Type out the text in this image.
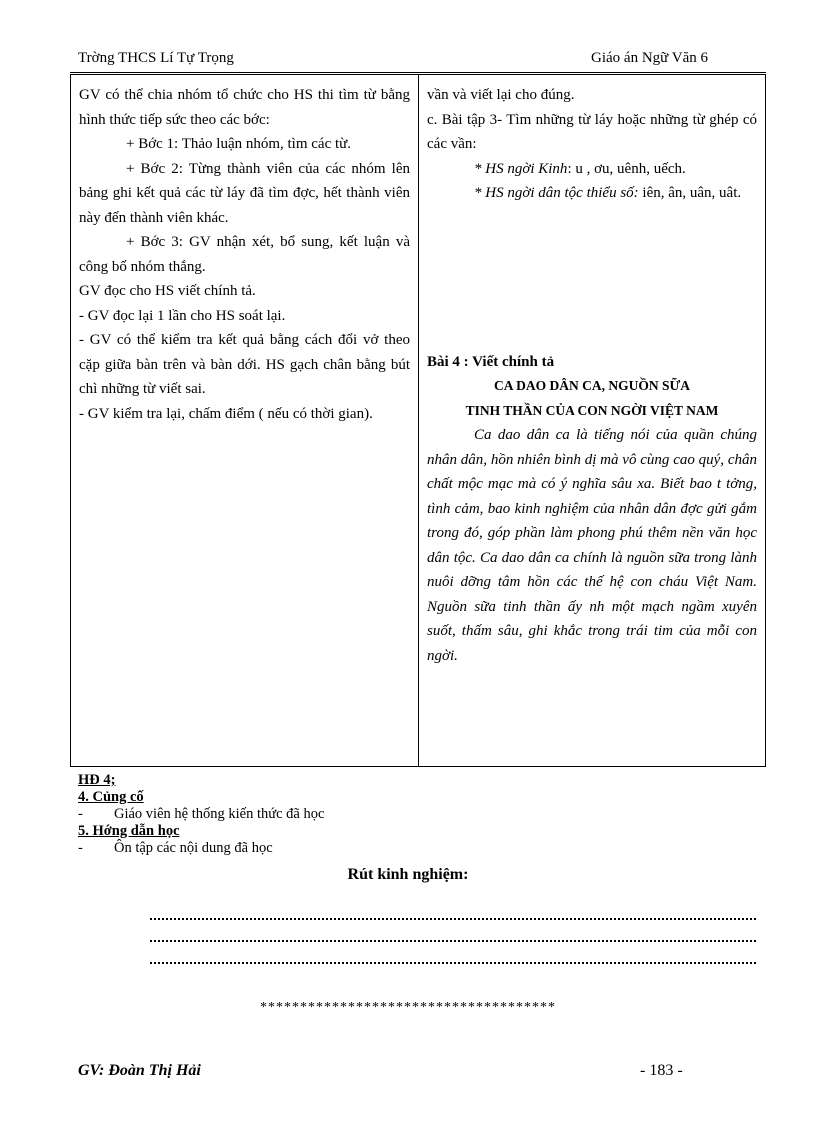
Trờng THCS Lí Tự Trọng	Giáo án Ngữ Văn 6

GV có thể chia nhóm tổ chức cho HS thi tìm từ bằng hình thức tiếp sức theo các bớc:

+ Bớc 1: Thảo luận nhóm, tìm các từ.

+ Bớc 2: Từng thành viên của các nhóm lên bảng ghi kết quả các từ láy đã tìm đợc, hết thành viên này đến thành viên khác.

+ Bớc 3: GV nhận xét, bổ sung, kết luận và công bố nhóm thắng.

GV đọc cho HS viết chính tả.

- GV đọc lại 1 lần cho HS soát lại.

- GV có thể kiểm tra kết quả bằng cách đổi vở theo cặp giữa bàn trên và bàn dới. HS gạch chân bằng bút chì những từ viết sai.

- GV kiểm tra lại, chấm điểm ( nếu có thời gian).

vần và viết lại cho đúng.

c. Bài tập 3- Tìm những từ láy hoặc những từ ghép có các vần:

* HS ngời Kinh: u , ơu, uênh, uếch.

* HS ngời dân tộc thiểu số: iên, ân, uân, uât.

Bài 4 : Viết chính tả

CA DAO DÂN CA, NGUỒN SỮA

TINH THẦN CỦA CON NGỜI VIỆT NAM

Ca dao dân ca là tiếng nói của quần chúng nhân dân, hồn nhiên bình dị mà vô cùng cao quý, chân chất mộc mạc mà có ý nghĩa sâu xa. Biết bao t tởng, tình cảm, bao kinh nghiệm của nhân dân đợc gửi gắm trong đó, góp phần làm phong phú thêm nền văn học dân tộc. Ca dao dân ca chính là nguồn sữa trong lành nuôi dỡng tâm hồn các thế hệ con cháu Việt Nam. Nguồn sữa tinh thần ấy nh một mạch ngầm xuyên suốt, thấm sâu, ghi khắc trong trái tim của mỗi con ngời.

HĐ 4;
4. Củng cố
- Giáo viên hệ thống kiến thức đã học
5. Hớng dẫn học
- Ôn tập các nội dung đã học
Rút kinh nghiệm:
*************************************
GV: Đoàn Thị Hải	- 183 -
